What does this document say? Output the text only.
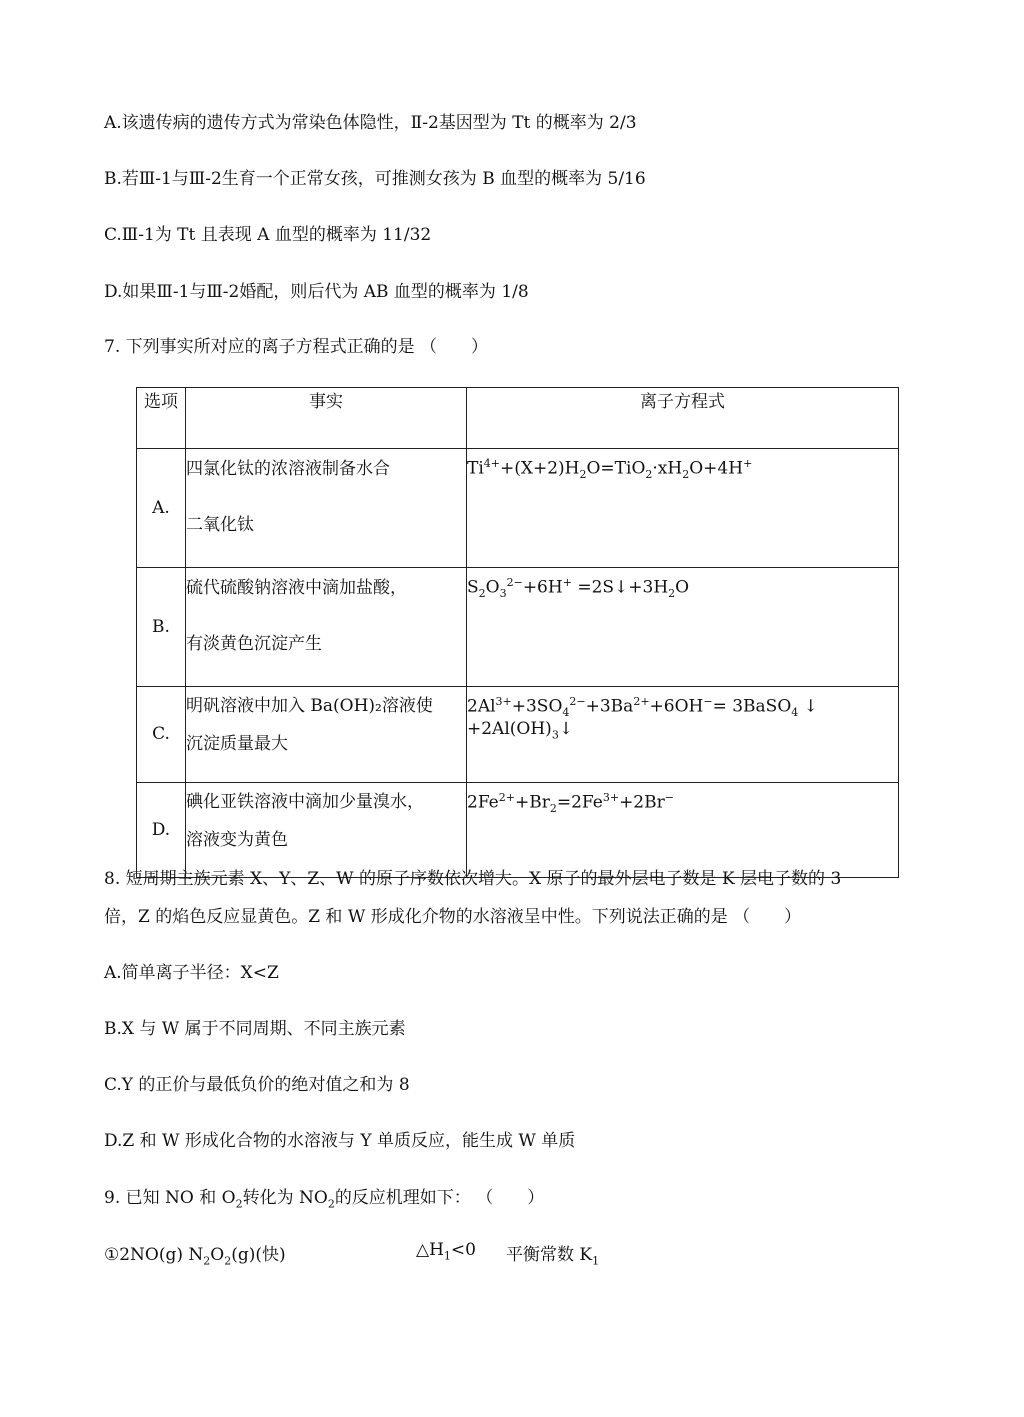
A.该遗传病的遗传方式为常染色体隐性，Ⅱ-2基因型为 Tt 的概率为 2/3
B.若Ⅲ-1与Ⅲ-2生育一个正常女孩，可推测女孩为 B 血型的概率为 5/16
C.Ⅲ-1为 Tt 且表现 A 血型的概率为 11/32
D.如果Ⅲ-1与Ⅲ-2婚配，则后代为 AB 血型的概率为 1/8
7. 下列事实所对应的离子方程式正确的是 （　　）
选项	事实	离子方程式
A.	四氯化钛的浓溶液制备水合
二氧化钛	$Ti^{4+}+(X+2)H_2O=TiO_2\cdot xH_2O+4H^+$

B.	硫代硫酸钠溶液中滴加盐酸，
有淡黄色沉淀产生	$S_2O_3^{2-}+6H^+$ $=2S↓+3H_2O$

C.	明矾溶液中加入 Ba(OH)₂溶液使
沉淀质量最大	$2Al^{3+}+3SO_4^{2-}+3Ba^{2+}+6OH^-=$ 3BaSO$_4$ ↓ $+2Al(OH)_3↓$

D.	碘化亚铁溶液中滴加少量溴水，
溶液变为黄色	$2Fe^{2+}+Br_2=2Fe^{3+}+2Br^-$
8. 短周期主族元素 X、Y、Z、W 的原子序数依次增大。X 原子的最外层电子数是 K 层电子数的 3
倍，Z 的焰色反应显黄色。Z 和 W 形成化介物的水溶液呈中性。下列说法正确的是 （　　）
A.简单离子半径：X<Z
B.X 与 W 属于不同周期、不同主族元素
C.Y 的正价与最低负价的绝对值之和为 8
D.Z 和 W 形成化合物的水溶液与 Y 单质反应，能生成 W 单质
9. 已知 NO 和 $O_2$转化为 $NO_2$的反应机理如下： （　　）
①2NO(g) $N_2O_2(g)$(快)	$\triangle H_1<0$ 平衡常数 $K_1$
